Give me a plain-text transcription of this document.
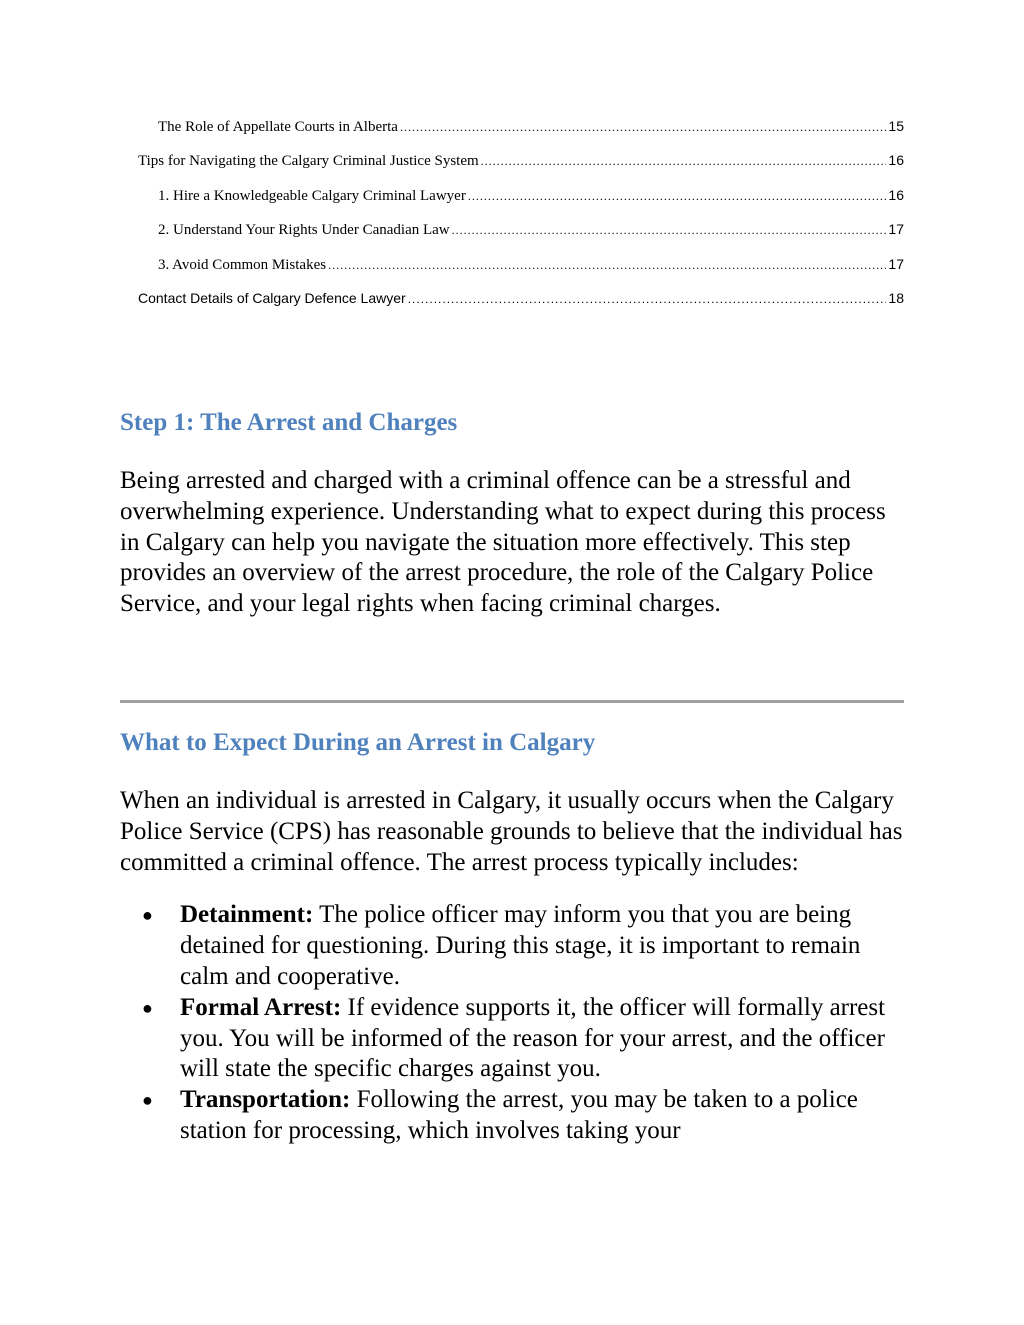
The Role of Appellate Courts in Alberta .....	15
Tips for Navigating the Calgary Criminal Justice System .....	16
1. Hire a Knowledgeable Calgary Criminal Lawyer .....	16
2. Understand Your Rights Under Canadian Law .....	17
3. Avoid Common Mistakes .....	17
Contact Details of Calgary Defence Lawyer .....	18
Step 1: The Arrest and Charges

Being arrested and charged with a criminal offence can be a stressful and overwhelming experience. Understanding what to expect during this process in Calgary can help you navigate the situation more effectively. This step provides an overview of the arrest procedure, the role of the Calgary Police Service, and your legal rights when facing criminal charges.

What to Expect During an Arrest in Calgary

When an individual is arrested in Calgary, it usually occurs when the Calgary Police Service (CPS) has reasonable grounds to believe that the individual has committed a criminal offence. The arrest process typically includes:

● Detainment: The police officer may inform you that you are being detained for questioning. During this stage, it is important to remain calm and cooperative.
● Formal Arrest: If evidence supports it, the officer will formally arrest you. You will be informed of the reason for your arrest, and the officer will state the specific charges against you.
● Transportation: Following the arrest, you may be taken to a police station for processing, which involves taking your
